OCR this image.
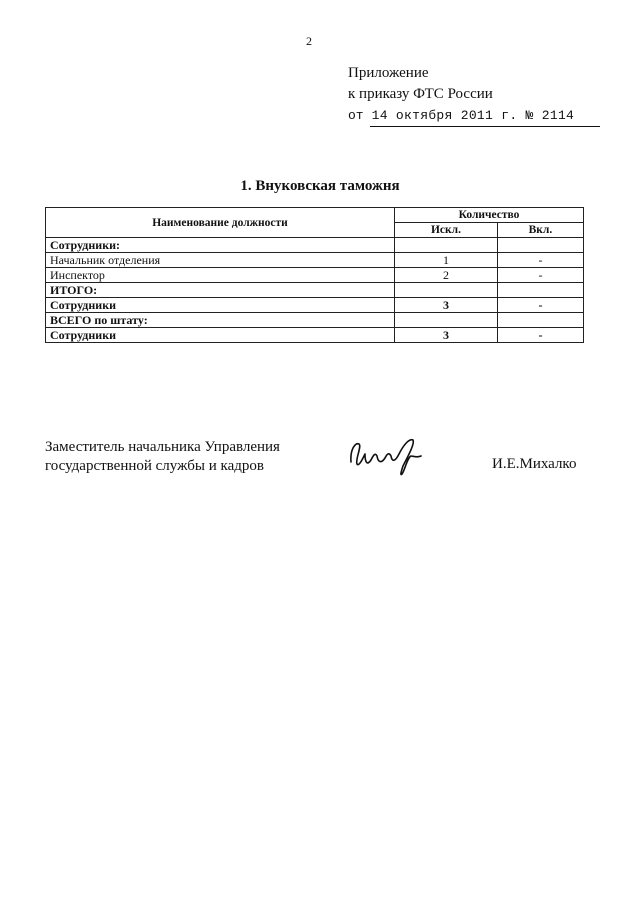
2
Приложение
к приказу ФТС России
от 14 октября 2011 г. № 2114
1. Внуковская таможня
Наименование должности	Количество	
	Искл.	Вкл.
Сотрудники:		
Начальник отделения	1	-
Инспектор	2	-
ИТОГО:		
Сотрудники	3	-
ВСЕГО по штату:		
Сотрудники	3	-
Заместитель начальника Управления
государственной службы и кадров	И.Е.Михалко
